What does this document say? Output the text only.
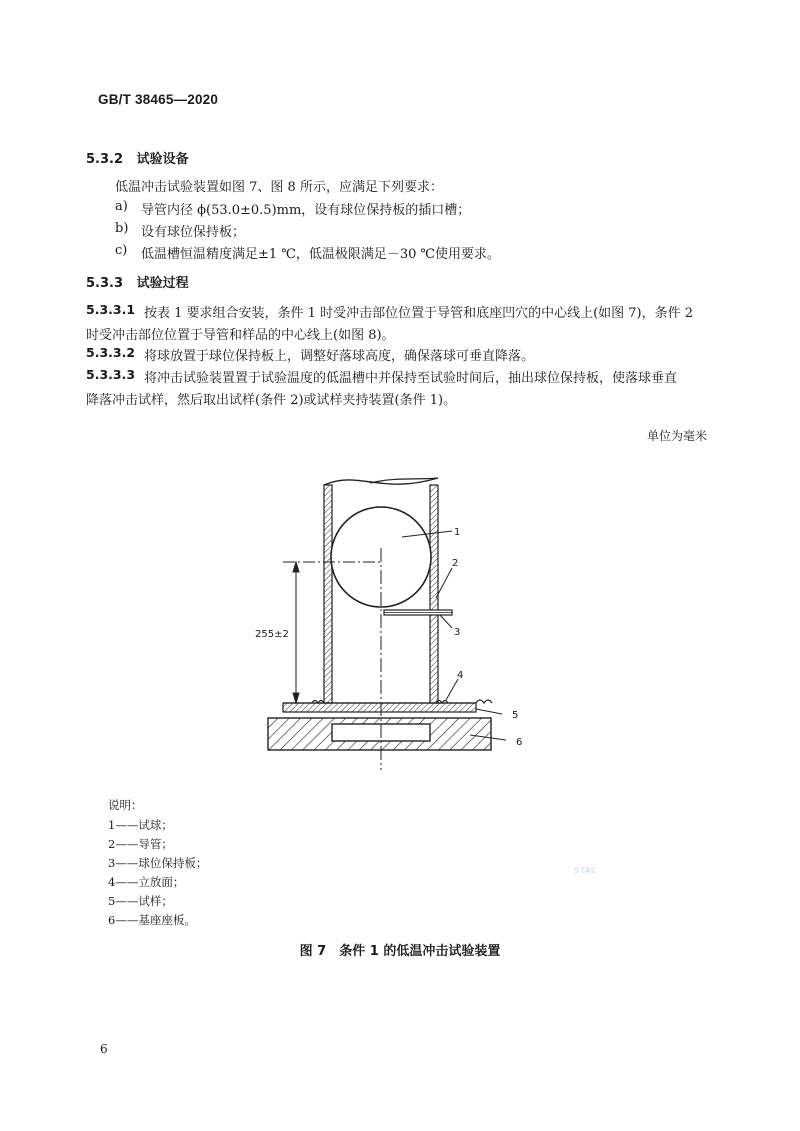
GB/T 38465—2020
5.3.2 试验设备
低温冲击试验装置如图 7、图 8 所示，应满足下列要求：
a) 导管内径 ϕ(53.0±0.5)mm，设有球位保持板的插口槽；
b) 设有球位保持板；
c) 低温槽恒温精度满足±1 ℃，低温极限满足－30 ℃使用要求。
5.3.3 试验过程
5.3.3.1 按表 1 要求组合安装，条件 1 时受冲击部位位置于导管和底座凹穴的中心线上(如图 7)，条件 2
时受冲击部位位置于导管和样品的中心线上(如图 8)。
5.3.3.2 将球放置于球位保持板上，调整好落球高度，确保落球可垂直降落。
5.3.3.3 将冲击试验装置置于试验温度的低温槽中并保持至试验时间后，抽出球位保持板，使落球垂直
降落冲击试样，然后取出试样(条件 2)或试样夹持装置(条件 1)。
单位为毫米
255±2
1
2
3
4
5
6
说明：
1——试球；
2——导管；
3——球位保持板；
4——立放面；
5——试样；
6——基座座板。
STAC
图 7　条件 1 的低温冲击试验装置
6
